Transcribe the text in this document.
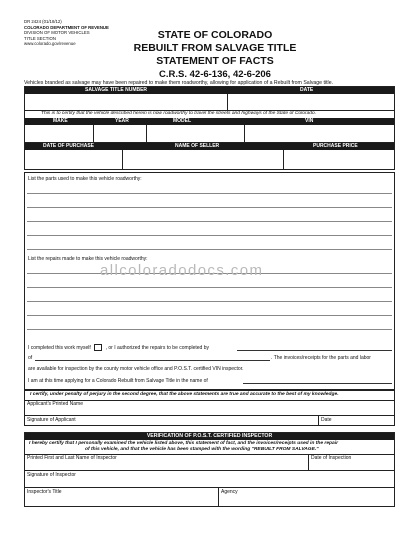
DR 2424 (01/18/12)
COLORADO DEPARTMENT OF REVENUE
DIVISION OF MOTOR VEHICLES
TITLE SECTION
www.colorado.gov/revenue
STATE OF COLORADO
REBUILT FROM SALVAGE TITLE
STATEMENT OF FACTS
C.R.S. 42-6-136, 42-6-206
Vehicles branded as salvage may have been repaired to make them roadworthy, allowing for application of a Rebuilt from Salvage title.
SALVAGE TITLE NUMBER	DATE
This is to certify that the vehicle described herein is now roadworthy to travel the streets and highways of the State of Colorado.
MAKE	YEAR	MODEL	VIN
DATE OF PURCHASE	NAME OF SELLER	PURCHASE PRICE
List the parts used to make this vehicle roadworthy:
List the repairs made to make this vehicle roadworthy:
allcoloradodocs.com
I completed this work myself	, or I authorized the repairs to be completed by
of	. The invoices/receipts for the parts and labor
are available for inspection by the county motor vehicle office and P.O.S.T. certified VIN inspector.
I am at this time applying for a Colorado Rebuilt from Salvage Title in the name of
I certify, under penalty of perjury in the second degree, that the above statements are true and accurate to the best of my knowledge.
Applicant's Printed Name
Signature of Applicant	Date
VERIFICATION OF P.O.S.T. CERTIFIED INSPECTOR
I hereby certify that I personally examined the vehicle listed above, this statement of fact, and the invoices/receipts used in the repair
of this vehicle, and that the vehicle has been stamped with the wording "REBUILT FROM SALVAGE."
Printed First and Last Name of Inspector	Date of Inspection
Signature of Inspector
Inspector's Title	Agency
